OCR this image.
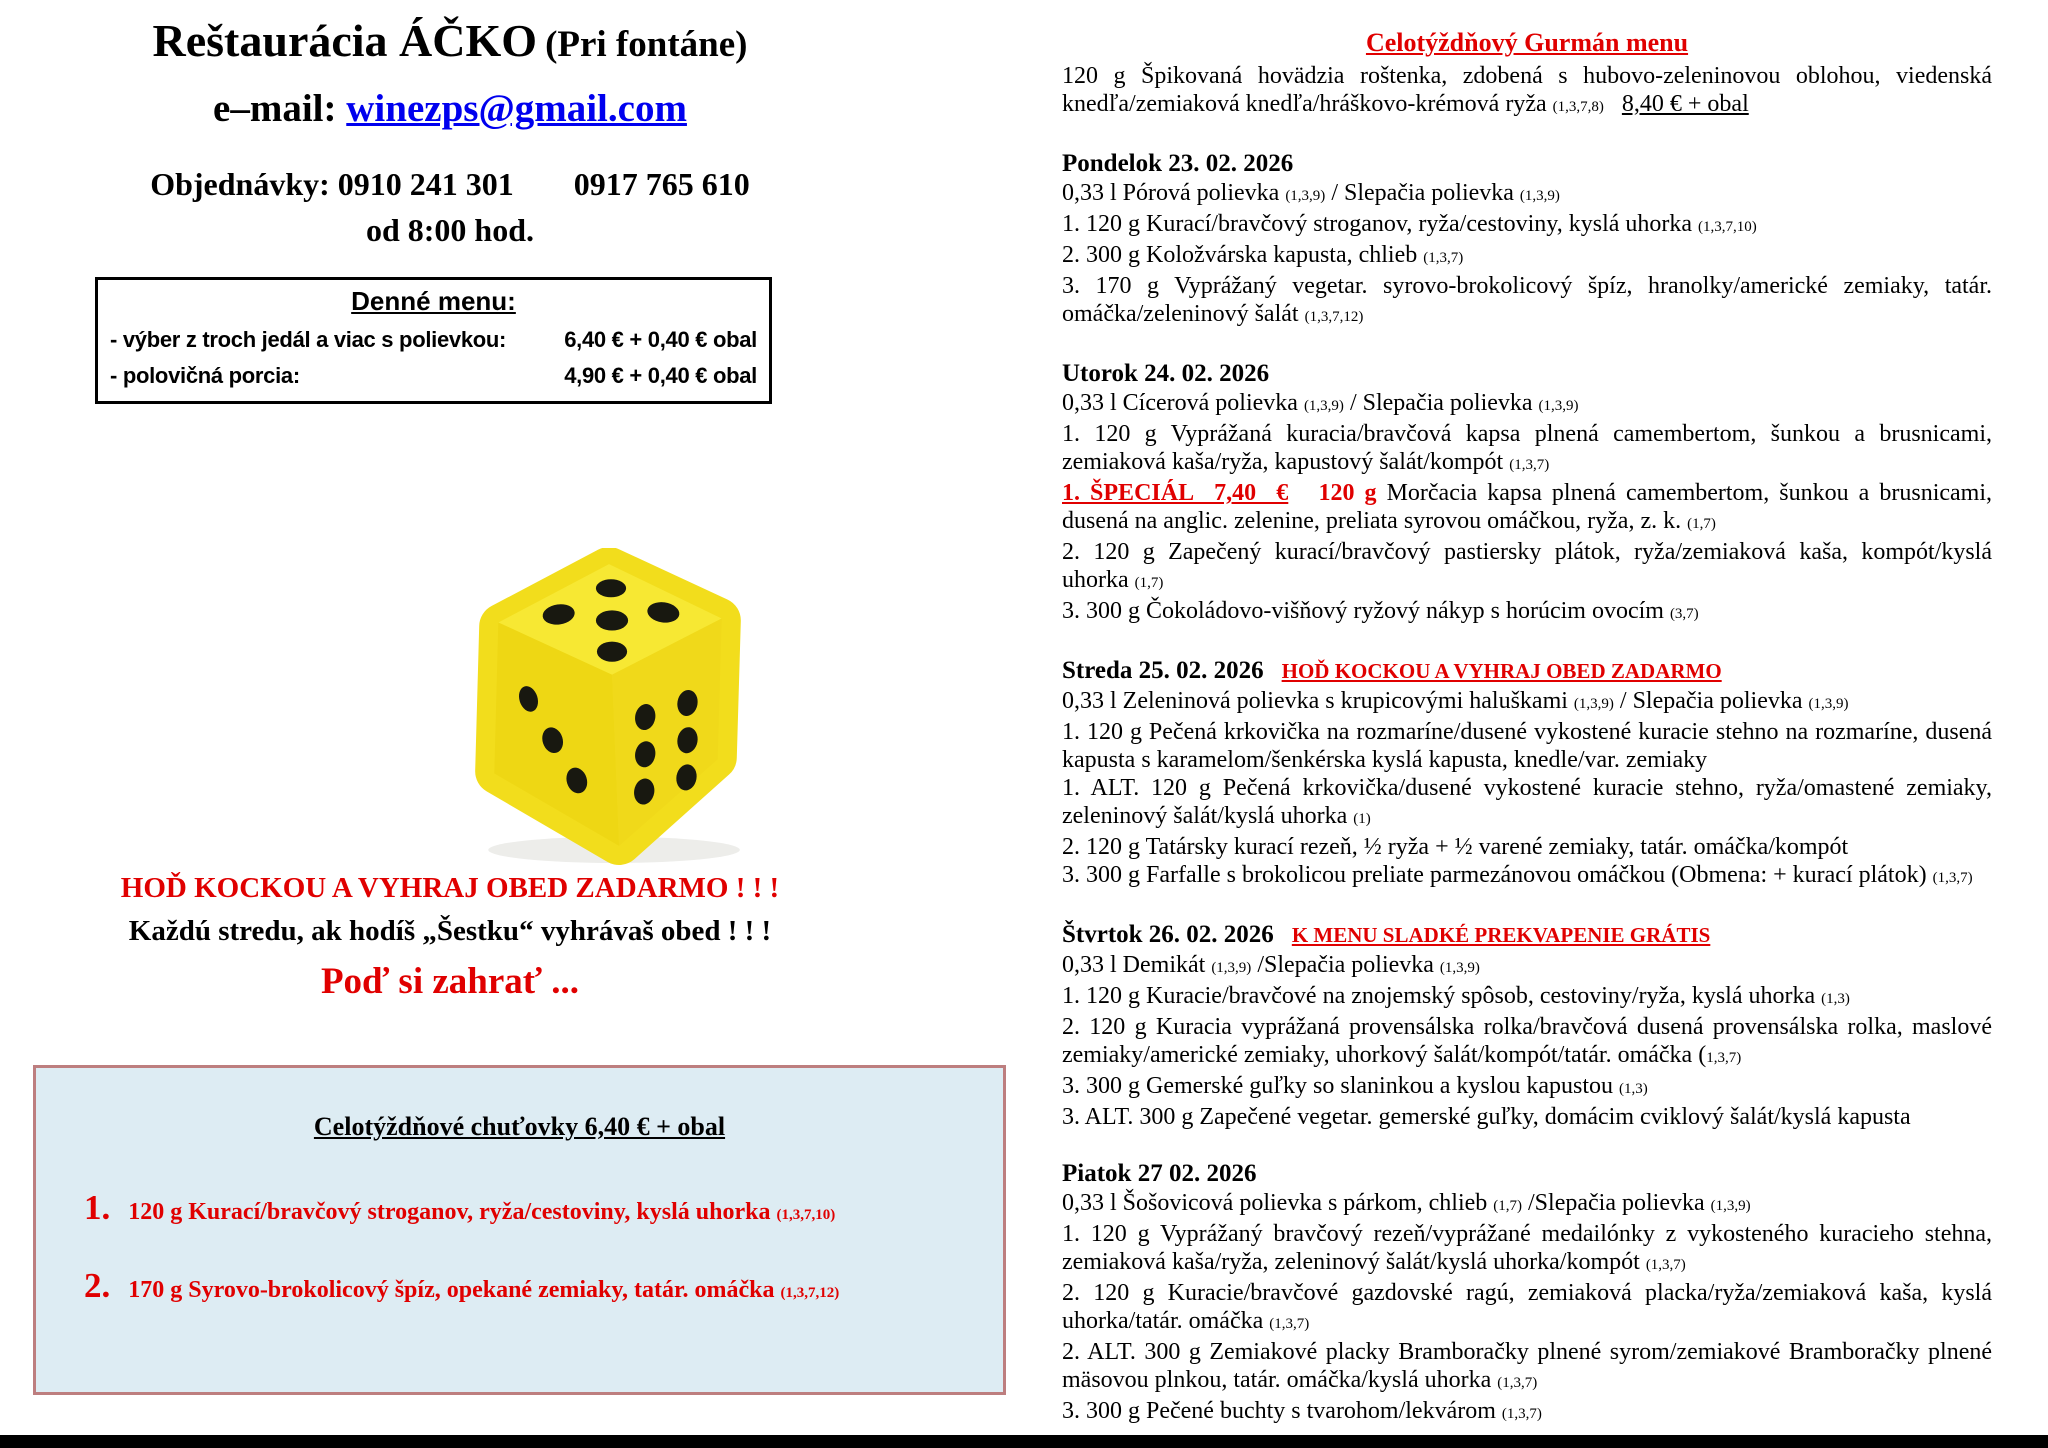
Reštaurácia ÁČKO (Pri fontáne)
e–mail: winezps@gmail.com
Objednávky: 0910 241 301 0917 765 610
od 8:00 hod.
Denné menu:
- výber z troch jedál a viac s polievkou:	6,40 € + 0,40 € obal
- polovičná porcia:	4,90 € + 0,40 € obal
HOĎ KOCKOU A VYHRAJ OBED ZADARMO ! ! !
Každú stredu, ak hodíš „Šestku“ vyhrávaš obed ! ! !
Poď si zahrať ...
Celotýždňové chuťovky 6,40 € + obal
1. 120 g Kurací/bravčový stroganov, ryža/cestoviny, kyslá uhorka (1,3,7,10)
2. 170 g Syrovo-brokolicový špíz, opekané zemiaky, tatár. omáčka (1,3,7,12)
Celotýždňový Gurmán menu

120 g Špikovaná hovädzia roštenka, zdobená s hubovo-zeleninovou oblohou, viedenská knedľa/zemiaková knedľa/hráškovo-krémová ryža (1,3,7,8) 8,40 € + obal

Pondelok 23. 02. 2026

0,33 l Pórová polievka (1,3,9) / Slepačia polievka (1,3,9)

1. 120 g Kurací/bravčový stroganov, ryža/cestoviny, kyslá uhorka (1,3,7,10)

2. 300 g Koložvárska kapusta, chlieb (1,3,7)

3. 170 g Vyprážaný vegetar. syrovo-brokolicový špíz, hranolky/americké zemiaky, tatár. omáčka/zeleninový šalát (1,3,7,12)

Utorok 24. 02. 2026

0,33 l Cícerová polievka (1,3,9) / Slepačia polievka (1,3,9)

1. 120 g Vyprážaná kuracia/bravčová kapsa plnená camembertom, šunkou a brusnicami, zemiaková kaša/ryža, kapustový šalát/kompót (1,3,7)

1. ŠPECIÁL  7,40  €   120 g Morčacia kapsa plnená camembertom, šunkou a brusnicami, dusená na anglic. zelenine, preliata syrovou omáčkou, ryža, z. k. (1,7)

2. 120 g Zapečený kurací/bravčový pastiersky plátok, ryža/zemiaková kaša, kompót/kyslá uhorka (1,7)

3. 300 g Čokoládovo-višňový ryžový nákyp s horúcim ovocím (3,7)

Streda 25. 02. 2026 HOĎ KOCKOU A VYHRAJ OBED ZADARMO

0,33 l Zeleninová polievka s krupicovými haluškami (1,3,9) / Slepačia polievka (1,3,9)

1. 120 g Pečená krkovička na rozmaríne/dusené vykostené kuracie stehno na rozmaríne, dusená kapusta s karamelom/šenkérska kyslá kapusta, knedle/var. zemiaky

1. ALT. 120 g Pečená krkovička/dusené vykostené kuracie stehno, ryža/omastené zemiaky, zeleninový šalát/kyslá uhorka (1)

2. 120 g Tatársky kurací rezeň, ½ ryža + ½ varené zemiaky, tatár. omáčka/kompót

3. 300 g Farfalle s brokolicou preliate parmezánovou omáčkou (Obmena: + kurací plátok) (1,3,7)

Štvrtok 26. 02. 2026 K MENU SLADKÉ PREKVAPENIE GRÁTIS

0,33 l Demikát (1,3,9) /Slepačia polievka (1,3,9)

1. 120 g Kuracie/bravčové na znojemský spôsob, cestoviny/ryža, kyslá uhorka (1,3)

2. 120 g Kuracia vyprážaná provensálska rolka/bravčová dusená provensálska rolka, maslové zemiaky/americké zemiaky, uhorkový šalát/kompót/tatár. omáčka (1,3,7)

3. 300 g Gemerské guľky so slaninkou a kyslou kapustou (1,3)

3. ALT. 300 g Zapečené vegetar. gemerské guľky, domácim cviklový šalát/kyslá kapusta

Piatok 27 02. 2026

0,33 l Šošovicová polievka s párkom, chlieb (1,7) /Slepačia polievka (1,3,9)

1. 120 g Vyprážaný bravčový rezeň/vyprážané medailónky z vykosteného kuracieho stehna, zemiaková kaša/ryža, zeleninový šalát/kyslá uhorka/kompót (1,3,7)

2. 120 g Kuracie/bravčové gazdovské ragú, zemiaková placka/ryža/zemiaková kaša, kyslá uhorka/tatár. omáčka (1,3,7)

2. ALT. 300 g Zemiakové placky Bramboračky plnené syrom/zemiakové Bramboračky plnené mäsovou plnkou, tatár. omáčka/kyslá uhorka (1,3,7)

3. 300 g Pečené buchty s tvarohom/lekvárom (1,3,7)
